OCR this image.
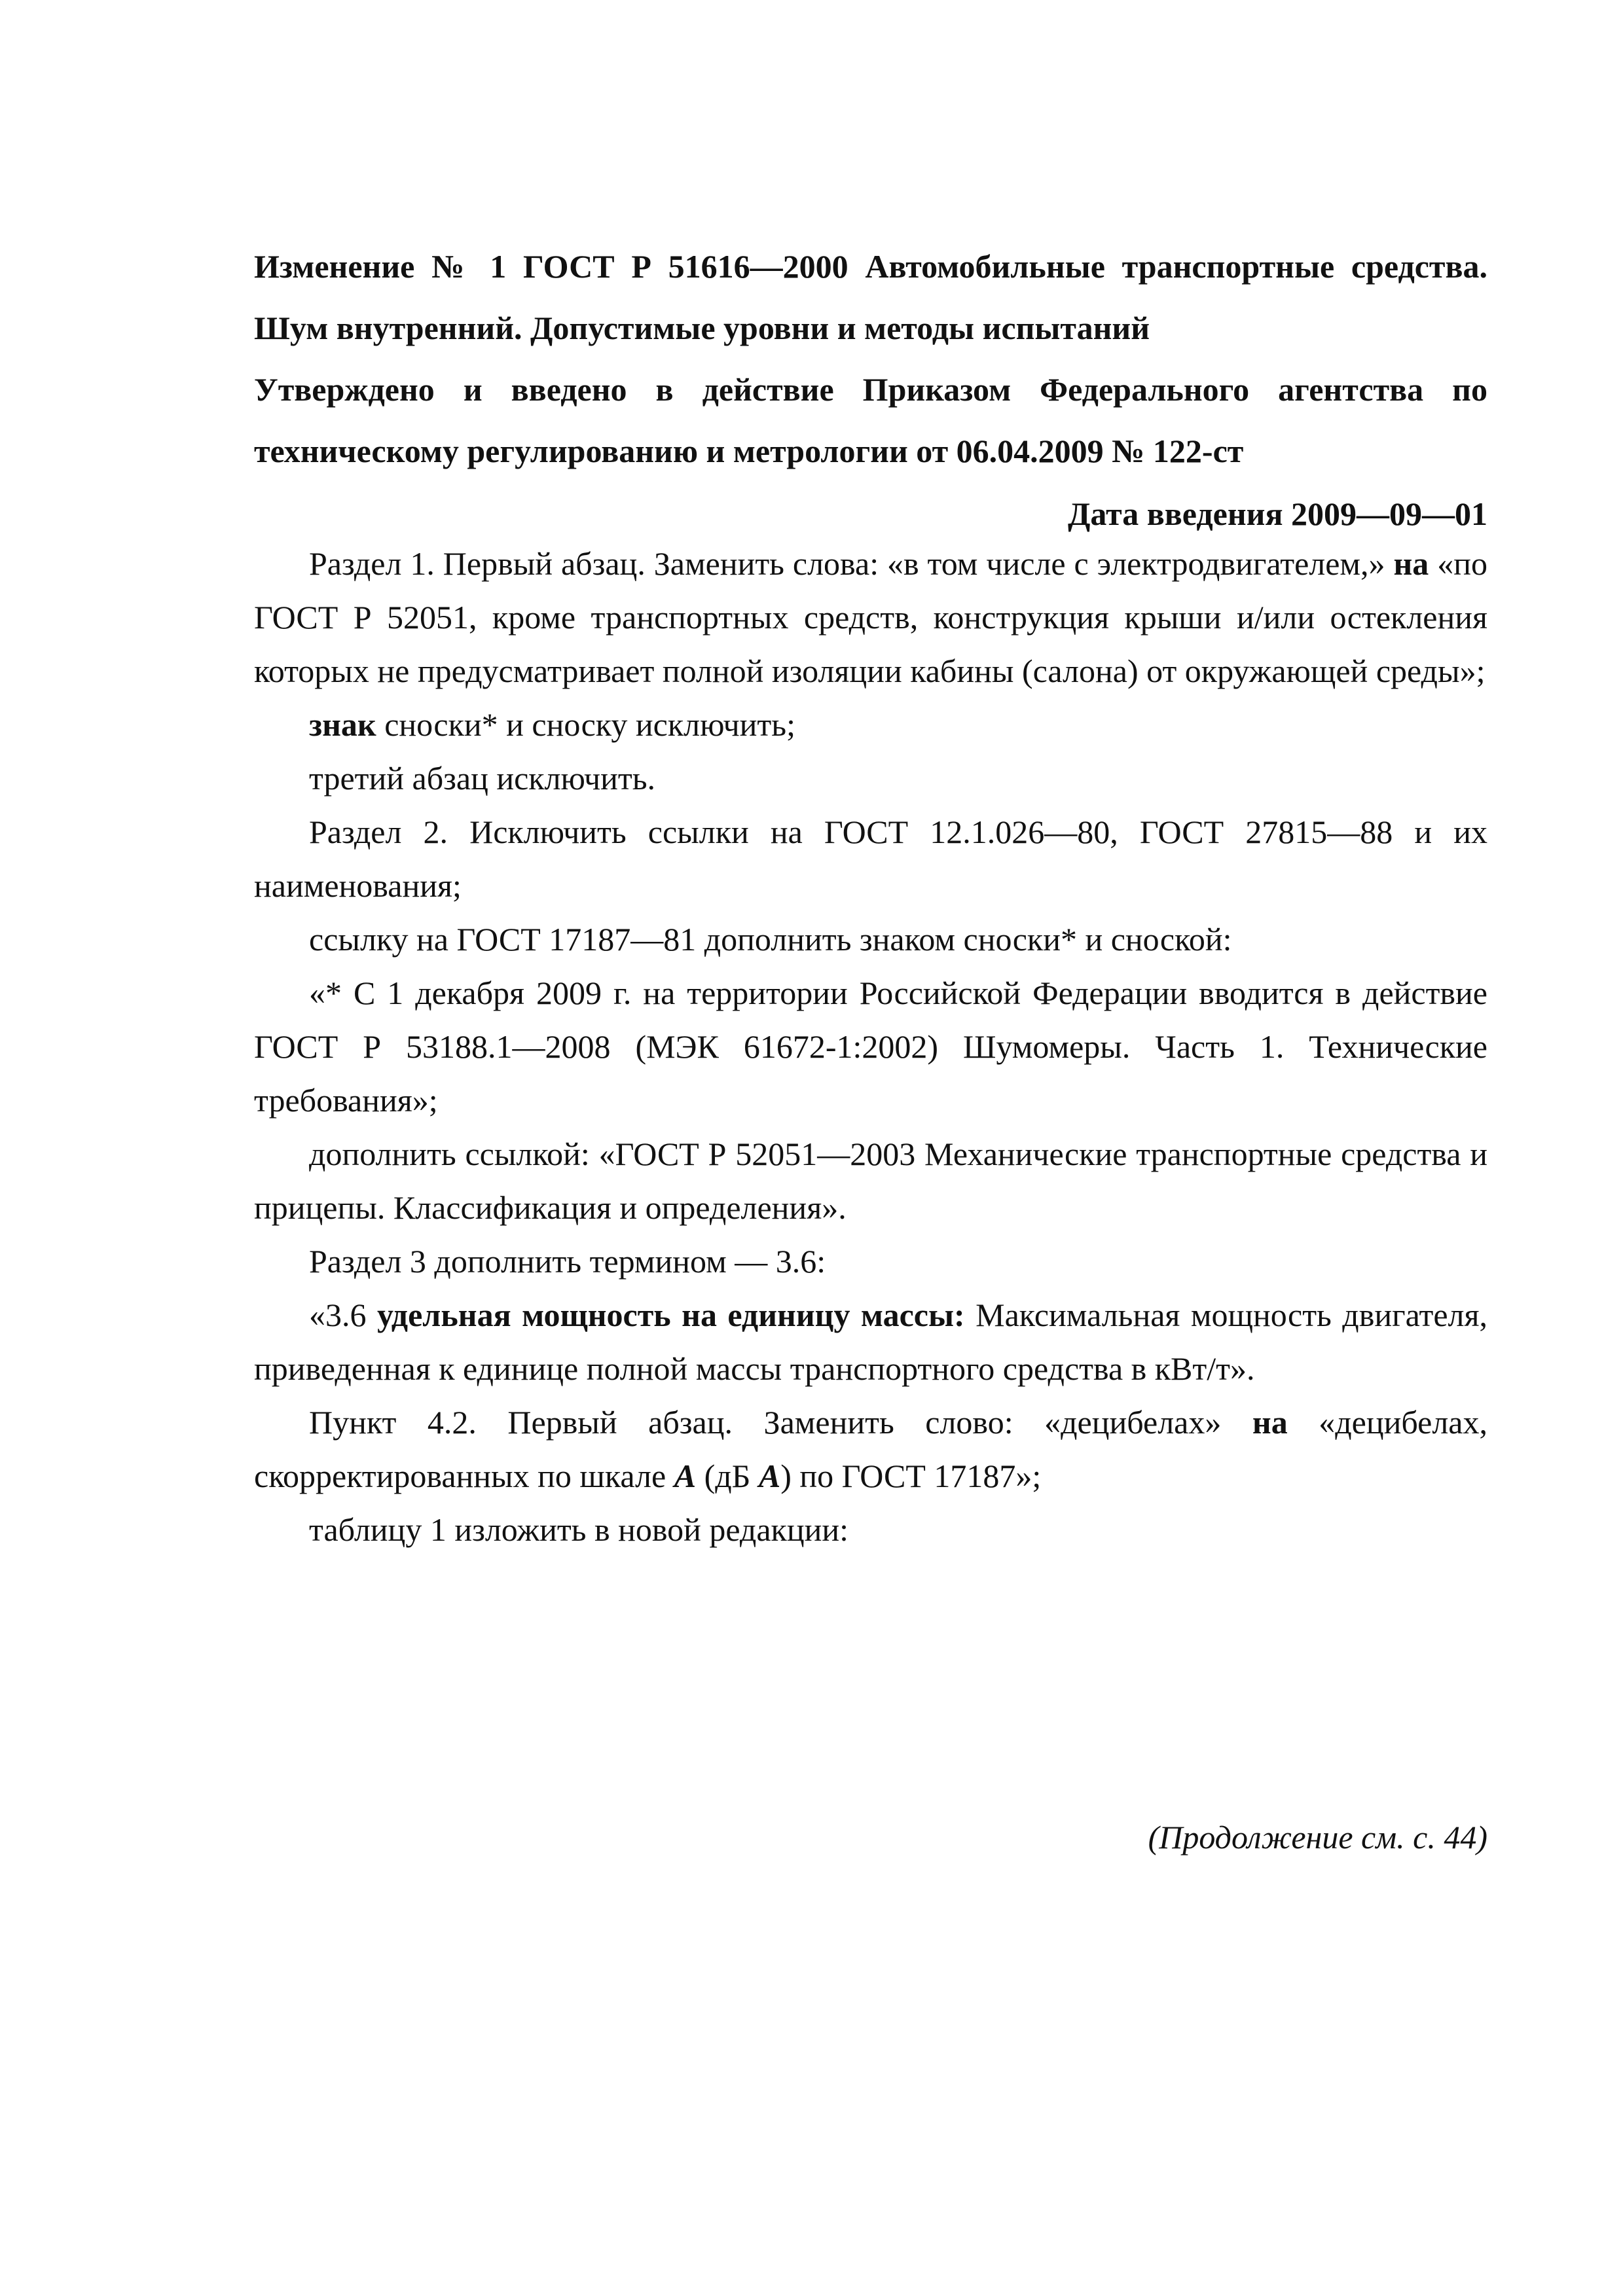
Изменение № 1 ГОСТ Р 51616—2000 Автомобильные транспортные средства. Шум внутренний. Допустимые уровни и методы испытаний

Утверждено и введено в действие Приказом Федерального агентства по техническому регулированию и метрологии от 06.04.2009 № 122-ст

Дата введения 2009—09—01

Раздел 1. Первый абзац. Заменить слова: «в том числе с электродвигателем,» на «по ГОСТ Р 52051, кроме транспортных средств, конструкция крыши и/или остекления которых не предусматривает полной изоляции кабины (салона) от окружающей среды»;

знак сноски* и сноску исключить;

третий абзац исключить.

Раздел 2. Исключить ссылки на ГОСТ 12.1.026—80, ГОСТ 27815—88 и их наименования;

ссылку на ГОСТ 17187—81 дополнить знаком сноски* и сноской:

«* С 1 декабря 2009 г. на территории Российской Федерации вводится в действие ГОСТ Р 53188.1—2008 (МЭК 61672-1:2002) Шумомеры. Часть 1. Технические требования»;

дополнить ссылкой: «ГОСТ Р 52051—2003 Механические транспортные средства и прицепы. Классификация и определения».

Раздел 3 дополнить термином — 3.6:

«3.6 удельная мощность на единицу массы: Максимальная мощность двигателя, приведенная к единице полной массы транспортного средства в кВт/т».

Пункт 4.2. Первый абзац. Заменить слово: «децибелах» на «децибелах, скорректированных по шкале А (дБ А) по ГОСТ 17187»;

таблицу 1 изложить в новой редакции:

(Продолжение см. с. 44)
